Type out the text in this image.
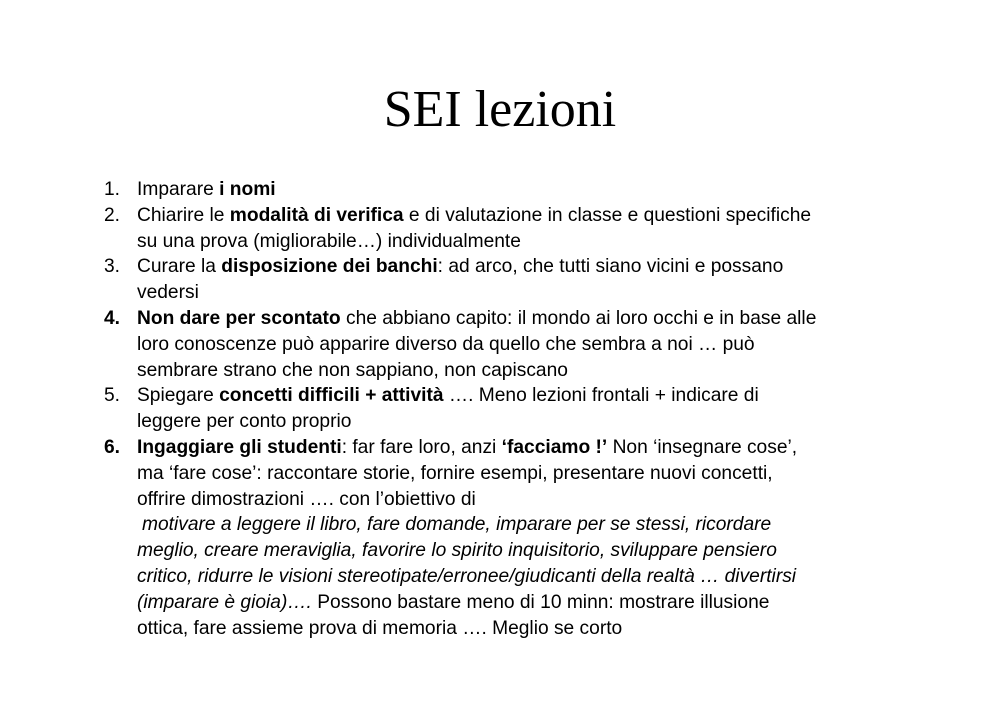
SEI lezioni
1. Imparare i nomi
2. Chiarire le modalità di verifica e di valutazione in classe e questioni specifiche
su una prova (migliorabile…) individualmente
3. Curare la disposizione dei banchi: ad arco, che tutti siano vicini e possano
vedersi
4. Non dare per scontato che abbiano capito: il mondo ai loro occhi e in base alle
loro conoscenze può apparire diverso da quello che sembra a noi … può
sembrare strano che non sappiano, non capiscano
5. Spiegare concetti difficili + attività …. Meno lezioni frontali + indicare di
leggere per conto proprio
6. Ingaggiare gli studenti: far fare loro, anzi ‘facciamo !’ Non ‘insegnare cose’,
ma ‘fare cose’: raccontare storie, fornire esempi, presentare nuovi concetti,
offrire dimostrazioni …. con l’obiettivo di
motivare a leggere il libro, fare domande, imparare per se stessi, ricordare
meglio, creare meraviglia, favorire lo spirito inquisitorio, sviluppare pensiero
critico, ridurre le visioni stereotipate/erronee/giudicanti della realtà … divertirsi
(imparare è gioia)…. Possono bastare meno di 10 minn: mostrare illusione
ottica, fare assieme prova di memoria …. Meglio se corto
